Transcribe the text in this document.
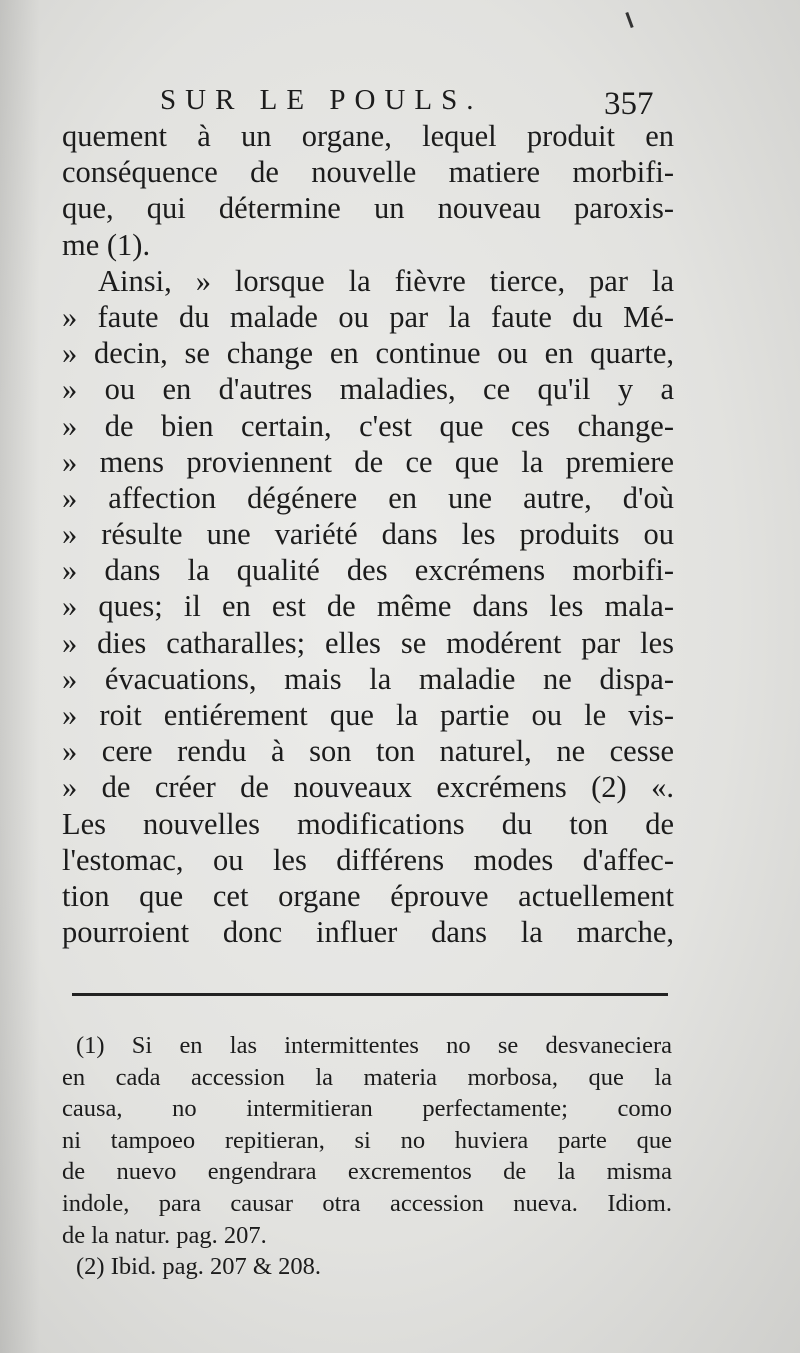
SUR LE POULS.	357
quement à un organe, lequel produit en
conséquence de nouvelle matiere morbifi-
que, qui détermine un nouveau paroxis-
me (1).
Ainsi, » lorsque la fièvre tierce, par la
» faute du malade ou par la faute du Mé-
» decin, se change en continue ou en quarte,
» ou en d'autres maladies, ce qu'il y a
» de bien certain, c'est que ces change-
» mens proviennent de ce que la premiere
» affection dégénere en une autre, d'où
» résulte une variété dans les produits ou
» dans la qualité des excrémens morbifi-
» ques; il en est de même dans les mala-
» dies catharalles; elles se modérent par les
» évacuations, mais la maladie ne dispa-
» roit entiérement que la partie ou le vis-
» cere rendu à son ton naturel, ne cesse
» de créer de nouveaux excrémens (2) «.
Les nouvelles modifications du ton de
l'estomac, ou les différens modes d'affec-
tion que cet organe éprouve actuellement
pourroient donc influer dans la marche,
(1) Si en las intermittentes no se desvaneciera
en cada accession la materia morbosa, que la
causa, no intermitieran perfectamente; como
ni tampoeo repitieran, si no huviera parte que
de nuevo engendrara excrementos de la misma
indole, para causar otra accession nueva. Idiom.
de la natur. pag. 207.
(2) Ibid. pag. 207 & 208.
